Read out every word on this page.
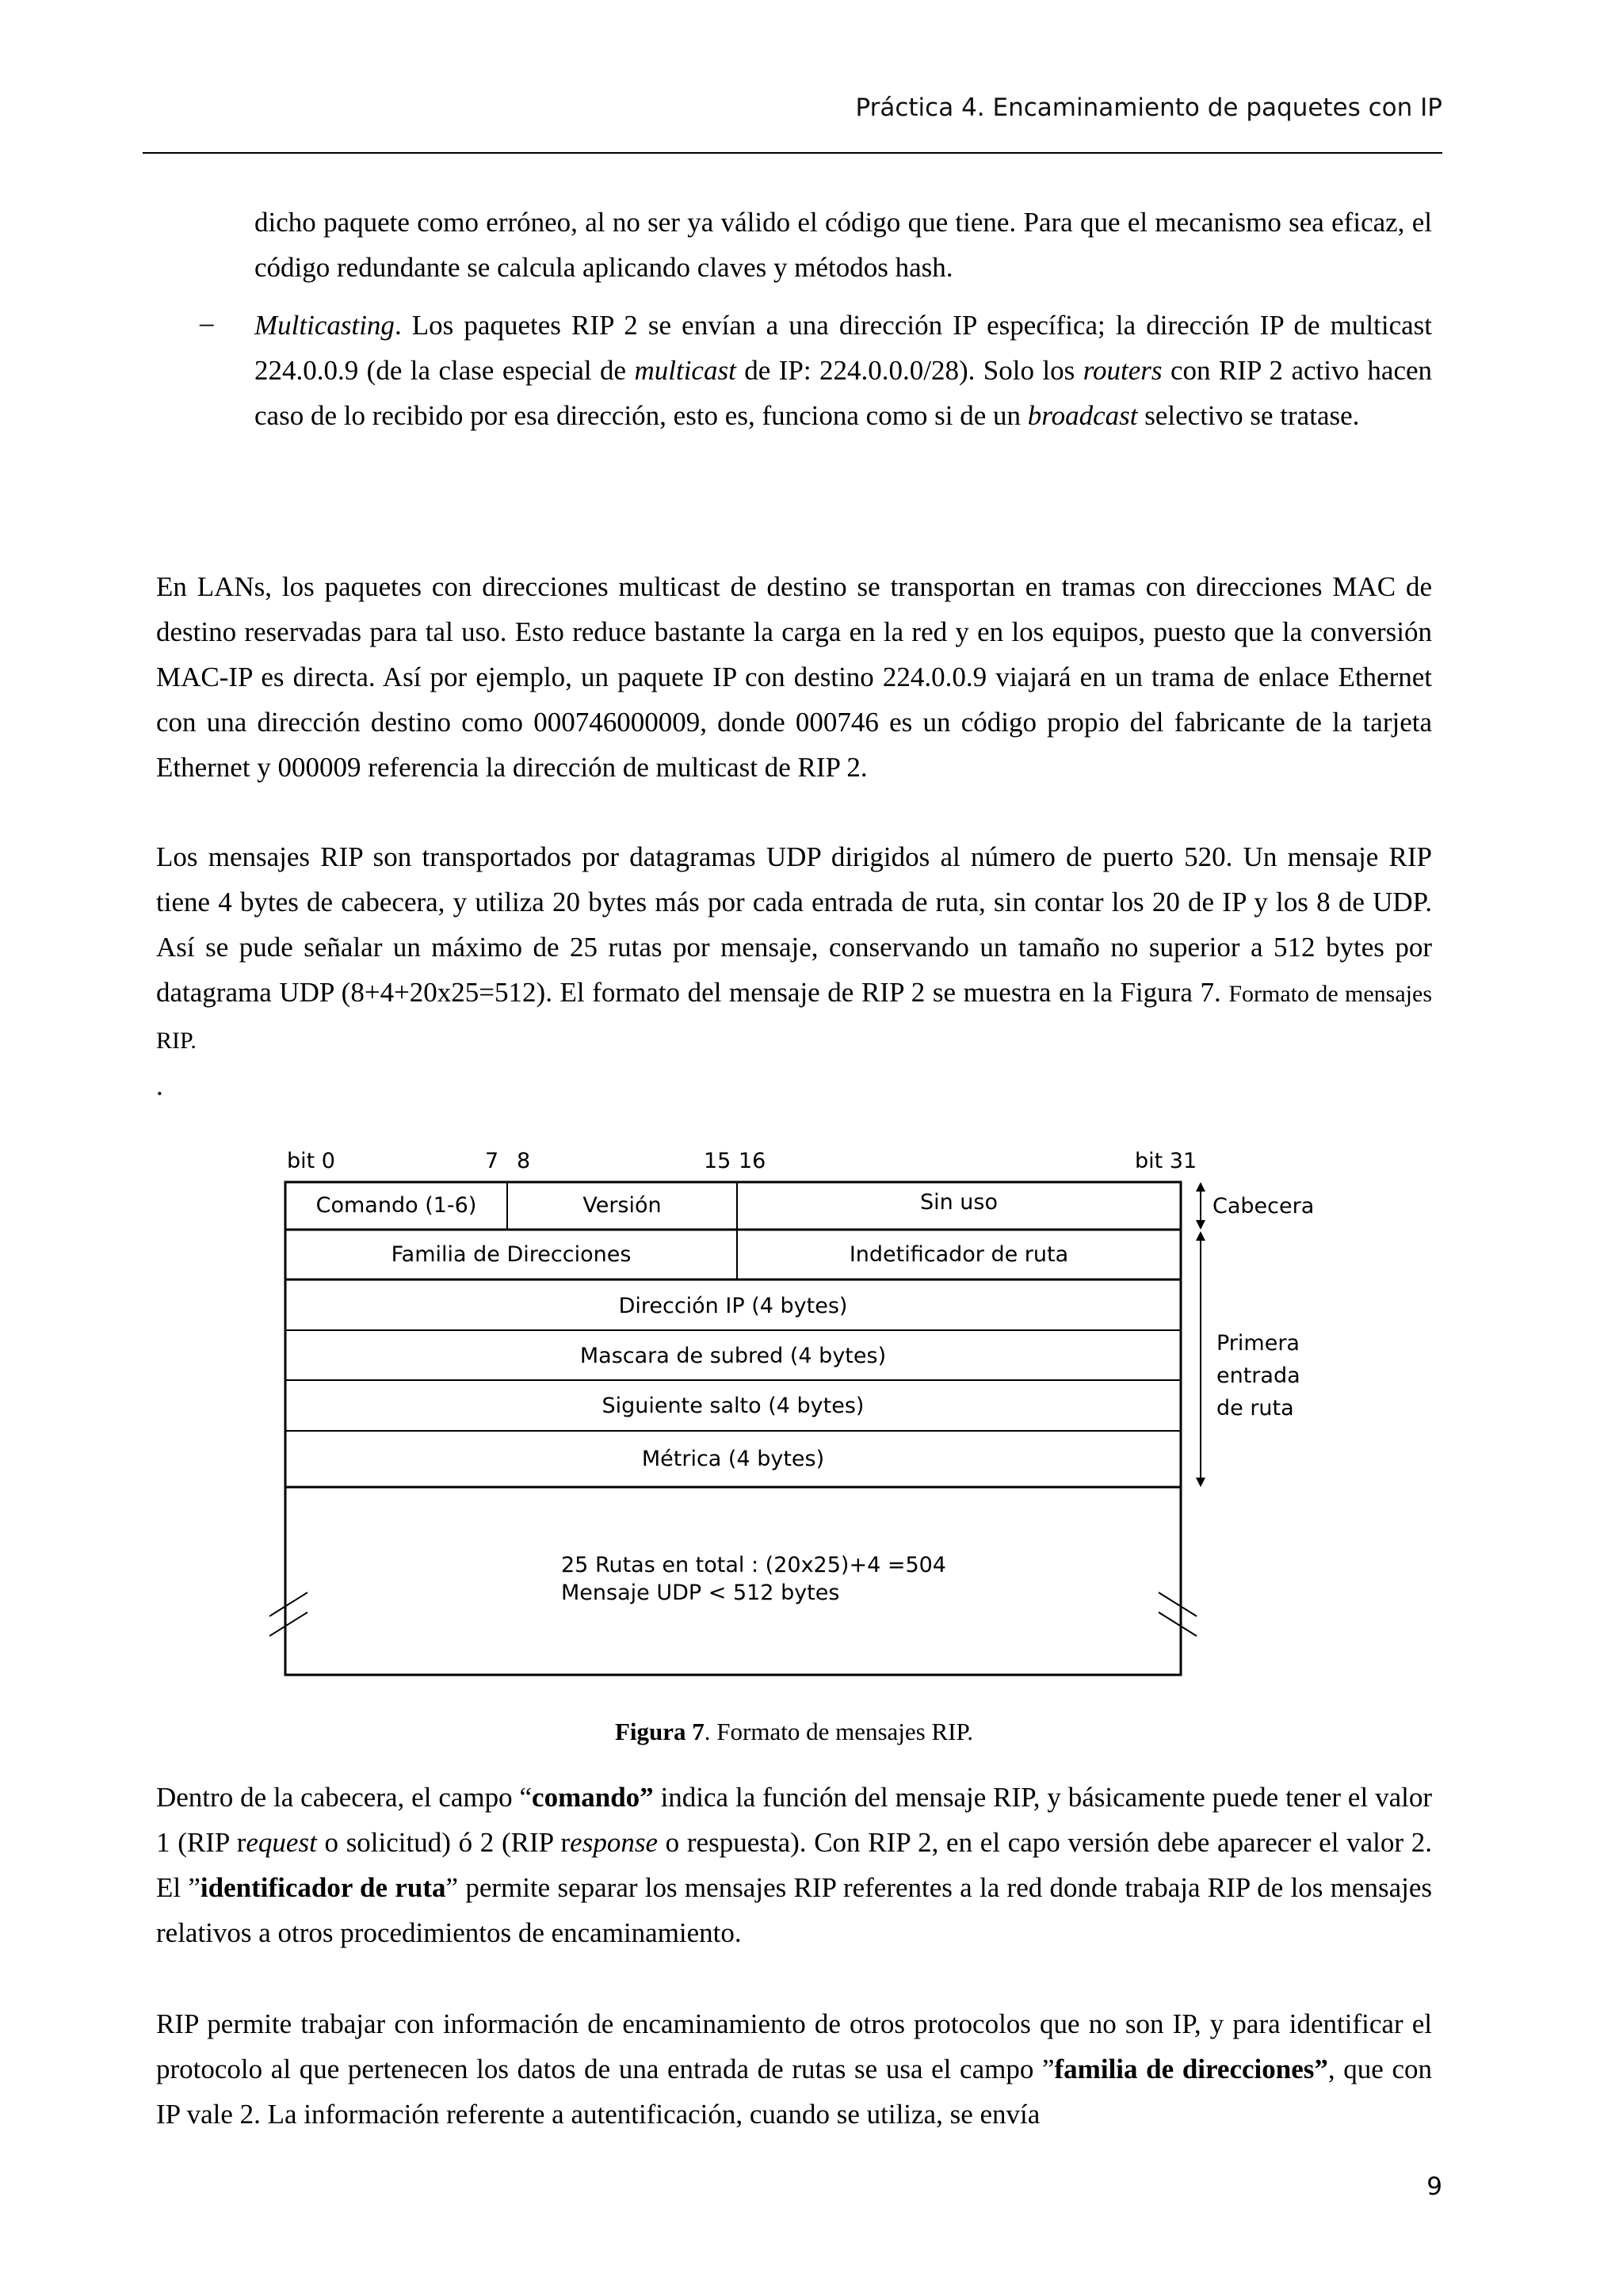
Práctica 4. Encaminamiento de paquetes con IP

dicho paquete como erróneo, al no ser ya válido el código que tiene. Para que el mecanismo sea eficaz, el código redundante se calcula aplicando claves y métodos hash.

– Multicasting. Los paquetes RIP 2 se envían a una dirección IP específica; la dirección IP de multicast 224.0.0.9 (de la clase especial de multicast de IP: 224.0.0.0/28). Solo los routers con RIP 2 activo hacen caso de lo recibido por esa dirección, esto es, funciona como si de un broadcast selectivo se tratase.

En LANs, los paquetes con direcciones multicast de destino se transportan en tramas con direcciones MAC de destino reservadas para tal uso. Esto reduce bastante la carga en la red y en los equipos, puesto que la conversión MAC-IP es directa. Así por ejemplo, un paquete IP con destino 224.0.0.9 viajará en un trama de enlace Ethernet con una dirección destino como 000746000009, donde 000746 es un código propio del fabricante de la tarjeta Ethernet y 000009 referencia la dirección de multicast de RIP 2.

Los mensajes RIP son transportados por datagramas UDP dirigidos al número de puerto 520. Un mensaje RIP tiene 4 bytes de cabecera, y utiliza 20 bytes más por cada entrada de ruta, sin contar los 20 de IP y los 8 de UDP. Así se pude señalar un máximo de 25 rutas por mensaje, conservando un tamaño no superior a 512 bytes por datagrama UDP (8+4+20x25=512). El formato del mensaje de RIP 2 se muestra en la Figura 7. Formato de mensajes RIP.
.

bit 0	7 8	15 16	bit 31
Comando (1-6)	Versión	Sin uso
Familia de Direcciones	Indetificador de ruta
Dirección IP (4 bytes)
Mascara de subred (4 bytes)
Siguiente salto (4 bytes)
Métrica (4 bytes)
25 Rutas en total : (20x25)+4 =504
Mensaje UDP < 512 bytes
Cabecera
Primera
entrada
de ruta
Figura 7. Formato de mensajes RIP.

Dentro de la cabecera, el campo “comando” indica la función del mensaje RIP, y básicamente puede tener el valor 1 (RIP request o solicitud) ó 2 (RIP response o respuesta). Con RIP 2, en el capo versión debe aparecer el valor 2. El ”identificador de ruta” permite separar los mensajes RIP referentes a la red donde trabaja RIP de los mensajes relativos a otros procedimientos de encaminamiento.

RIP permite trabajar con información de encaminamiento de otros protocolos que no son IP, y para identificar el protocolo al que pertenecen los datos de una entrada de rutas se usa el campo ”familia de direcciones”, que con IP vale 2. La información referente a autentificación, cuando se utiliza, se envía

9
